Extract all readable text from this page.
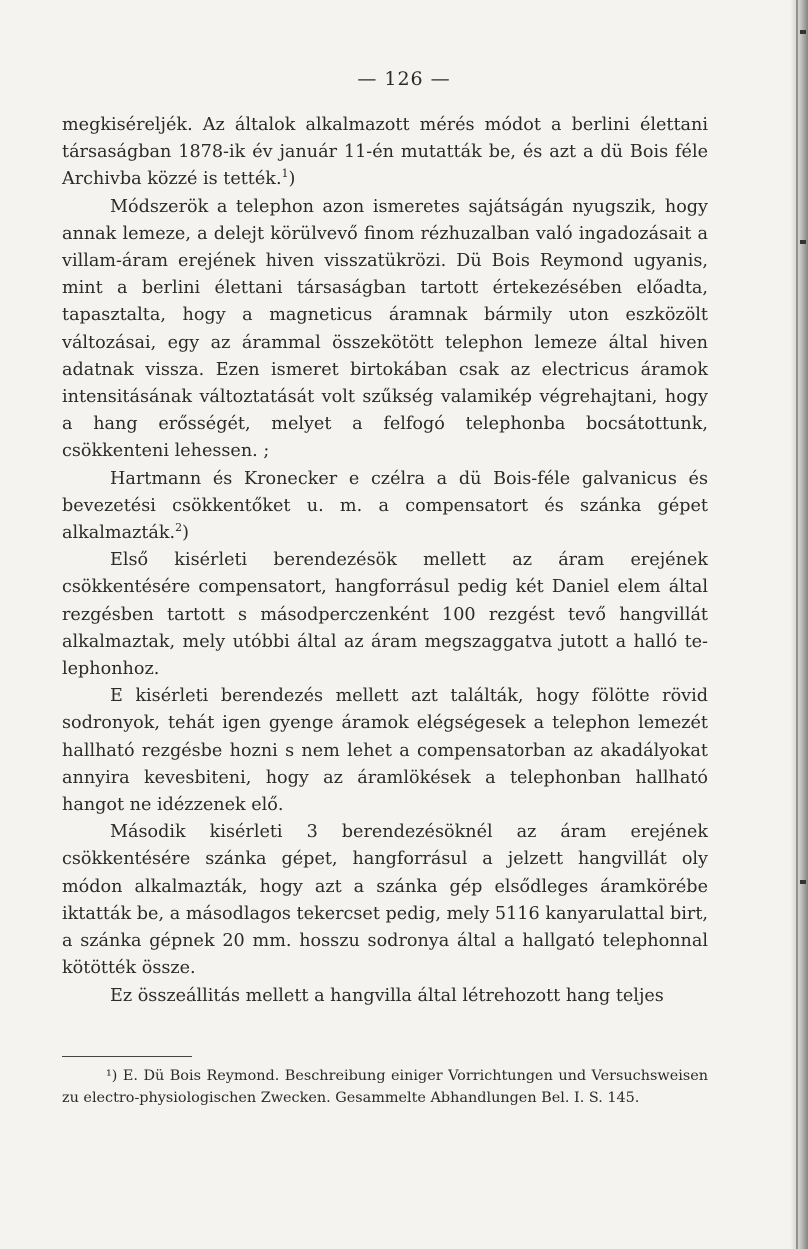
— 126 —

megkiséreljék. Az általok alkalmazott mérés módot a berlini élettani társaságban 1878-ik év január 11-én mutatták be, és azt a dü Bois féle Archivba közzé is tették.$^1$)

Módszerök a telephon azon ismeretes sajátságán nyugszik, hogy annak lemeze, a delejt körülvevő finom rézhuzalban való ingadozásait a villam-áram erejének hiven visszatükrözi. Dü Bois Reymond ugyanis, mint a berlini élettani társaságban tartott értekezésében előadta, tapasztalta, hogy a magneticus áramnak bármily uton eszközölt változásai, egy az árammal összekötött telephon lemeze által hiven adatnak vissza. Ezen ismeret birtokában csak az electricus áramok intensitásának változtatását volt szűkség valamikép végrehajtani, hogy a hang erősségét, melyet a felfogó telephonba bocsátottunk, csökkenteni lehessen. ;

Hartmann és Kronecker e czélra a dü Bois-féle galvanicus és bevezetési csökkentőket u. m. a compensatort és szánka gépet alkalmazták.$^2$)

Első kisérleti berendezésök mellett az áram erejének csökkentésére compensatort, hangforrásul pedig két Daniel elem által rezgésben tartott s másodperczenként 100 rezgést tevő hangvillát alkalmaztak, mely utóbbi által az áram megszaggatva jutott a halló te-lephonhoz.

E kisérleti berendezés mellett azt találták, hogy fölötte rövid sodronyok, tehát igen gyenge áramok elégségesek a telephon lemezét hallható rezgésbe hozni s nem lehet a compensatorban az akadályokat annyira kevesbiteni, hogy az áramlökések a telephonban hallható hangot ne idézzenek elő.

Második kisérleti 3 berendezésöknél az áram erejének csökkentésére szánka gépet, hangforrásul a jelzett hangvillát oly módon alkalmazták, hogy azt a szánka gép elsődleges áramkörébe iktatták be, a másodlagos tekercset pedig, mely 5116 kanyarulattal birt, a szánka gépnek 20 mm. hosszu sodronya által a hallgató telephonnal kötötték össze.

Ez összeállitás mellett a hangvilla által létrehozott hang teljes

¹) E. Dü Bois Reymond. Beschreibung einiger Vorrichtungen und Versuchsweisen zu electro-physiologischen Zwecken. Gesammelte Abhandlungen Bel. I. S. 145.
